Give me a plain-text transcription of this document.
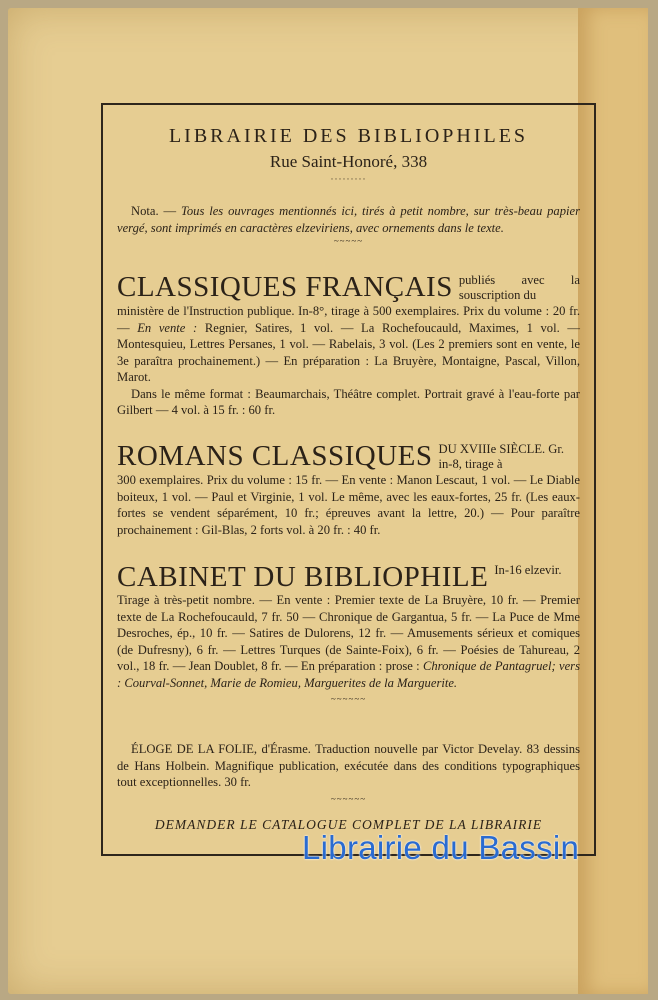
LIBRAIRIE DES BIBLIOPHILES
Rue Saint-Honoré, 338
·········

Nota. — Tous les ouvrages mentionnés ici, tirés à petit nombre, sur très-beau papier vergé, sont imprimés en caractères elzeviriens, avec ornements dans le texte.

~~~~~
CLASSIQUES FRANÇAIS publiés avec la souscription du

ministère de l'Instruction publique. In-8°, tirage à 500 exemplaires. Prix du volume : 20 fr. — En vente : Regnier, Satires, 1 vol. — La Rochefoucauld, Maximes, 1 vol. — Montesquieu, Lettres Persanes, 1 vol. — Rabelais, 3 vol. (Les 2 premiers sont en vente, le 3e paraîtra prochainement.) — En préparation : La Bruyère, Montaigne, Pascal, Villon, Marot.

Dans le même format : Beaumarchais, Théâtre complet. Portrait gravé à l'eau-forte par Gilbert — 4 vol. à 15 fr. : 60 fr.

ROMANS CLASSIQUES DU XVIIIe SIÈCLE. Gr. in-8, tirage à

300 exemplaires. Prix du volume : 15 fr. — En vente : Manon Lescaut, 1 vol. — Le Diable boiteux, 1 vol. — Paul et Virginie, 1 vol. Le même, avec les eaux-fortes, 25 fr. (Les eaux-fortes se vendent séparément, 10 fr.; épreuves avant la lettre, 20.) — Pour paraître prochainement : Gil-Blas, 2 forts vol. à 20 fr. : 40 fr.

CABINET DU BIBLIOPHILE In-16 elzevir.

Tirage à très-petit nombre. — En vente : Premier texte de La Bruyère, 10 fr. — Premier texte de La Rochefoucauld, 7 fr. 50 — Chronique de Gargantua, 5 fr. — La Puce de Mme Desroches, ép., 10 fr. — Satires de Dulorens, 12 fr. — Amusements sérieux et comiques (de Dufresny), 6 fr. — Lettres Turques (de Sainte-Foix), 6 fr. — Poésies de Tahureau, 2 vol., 18 fr. — Jean Doublet, 8 fr. — En préparation : prose : Chronique de Pantagruel; vers : Courval-Sonnet, Marie de Romieu, Marguerites de la Marguerite.

~~~~~~

ÉLOGE DE LA FOLIE, d'Érasme. Traduction nouvelle par Victor Develay. 83 dessins de Hans Holbein. Magnifique publication, exécutée dans des conditions typographiques tout exceptionnelles. 30 fr.

~~~~~~
DEMANDER LE CATALOGUE COMPLET DE LA LIBRAIRIE
Librairie du Bassin
